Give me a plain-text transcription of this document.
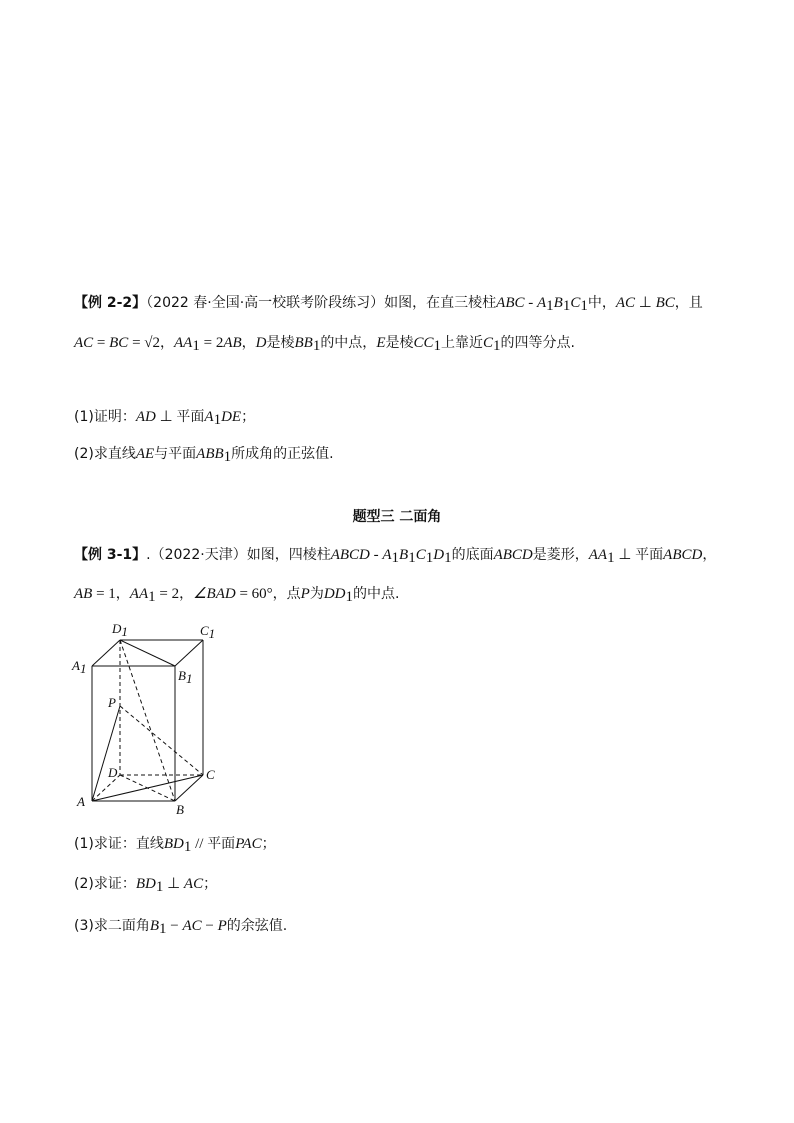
【例 2-2】（2022 春·全国·高一校联考阶段练习）如图，在直三棱柱ABC - $A_1B_1C_1$中，AC ⊥ BC，且
AC = BC = √2，$AA_1 = 2AB$，D是棱$BB_1$的中点，E是棱$CC_1$上靠近$C_1$的四等分点.
(1)证明：AD ⊥ 平面$A_1DE$；
(2)求直线AE与平面$ABB_1$所成角的正弦值.
题型三 二面角
【例 3-1】.（2022·天津）如图，四棱柱ABCD - $A_1B_1C_1D_1$的底面ABCD是菱形，$AA_1$ ⊥ 平面ABCD，
AB = 1，$AA_1 = 2$，∠BAD = 60°，点P为$DD_1$的中点.
D1	C1
A1	B1
P
D	C
A
B
(1)求证：直线$BD_1$ // 平面PAC；
(2)求证：$BD_1$ ⊥ AC；
(3)求二面角$B_1$ − AC − P的余弦值.
